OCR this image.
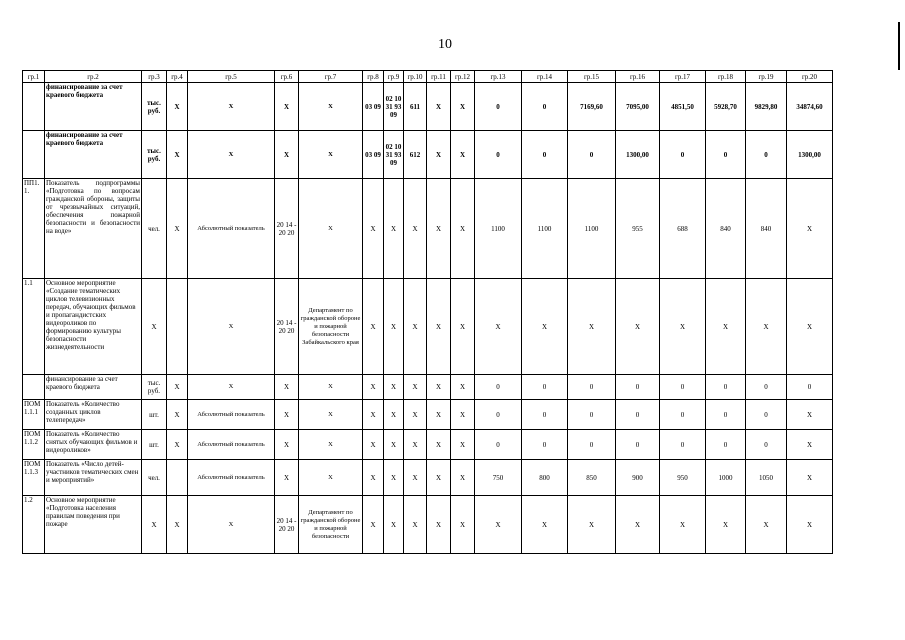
10
гр.1	гр.2	гр.3	гр.4	гр.5	гр.6	гр.7	гр.8	гр.9	гр.10	гр.11	гр.12	гр.13	гр.14	гр.15	гр.16	гр.17	гр.18	гр.19	гр.20
	финансирование за счет краевого бюджета	тыс. руб.	X	X	X	X	03 09	02 10 31 93 09	611	X	X	0	0	7169,60	7095,00	4851,50	5928,70	9829,80	34874,60
	финансирование за счет краевого бюджета	тыс. руб.	X	X	X	X	03 09	02 10 31 93 09	612	X	X	0	0	0	1300,00	0	0	0	1300,00
ПП1. 1.	Показатель подпрограммы «Подготовка по вопросам гражданской обороны, защиты от чрезвычайных ситуаций, обеспечения пожарной безопасности и безопасности на воде»	чел.	X	Абсолютный показатель	20 14 - 20 20	X	X	X	X	X	X	1100	1100	1100	955	688	840	840	X
1.1	Основное мероприятие «Создание тематических циклов телевизионных передач, обучающих фильмов и пропагандистских видеороликов по формированию культуры безопасности жизнедеятельности	X		X	20 14 - 20 20	Департамент по гражданской обороне и пожарной безопасности Забайкальского края	X	X	X	X	X	X	X	X	X	X	X	X	X
	финансирование за счет краевого бюджета	тыс. руб.	X	X	X	X	X	X	X	X	X	0	0	0	0	0	0	0	0
ПОМ 1.1.1	Показатель «Количество созданных циклов телепередач»	шт.	X	Абсолютный показатель	X	X	X	X	X	X	X	0	0	0	0	0	0	0	X
ПОМ 1.1.2	Показатель «Количество снятых обучающих фильмов и видеороликов»	шт.	X	Абсолютный показатель	X	X	X	X	X	X	X	0	0	0	0	0	0	0	X
ПОМ 1.1.3	Показатель «Число детей-участников тематических смен и мероприятий»	чел.		Абсолютный показатель	X	X	X	X	X	X	X	750	800	850	900	950	1000	1050	X
1.2	Основное мероприятие «Подготовка населения правилам поведения при пожаре	X	X	X	20 14 - 20 20	Департамент по гражданской обороне и пожарной безопасности	X	X	X	X	X	X	X	X	X	X	X	X	X
